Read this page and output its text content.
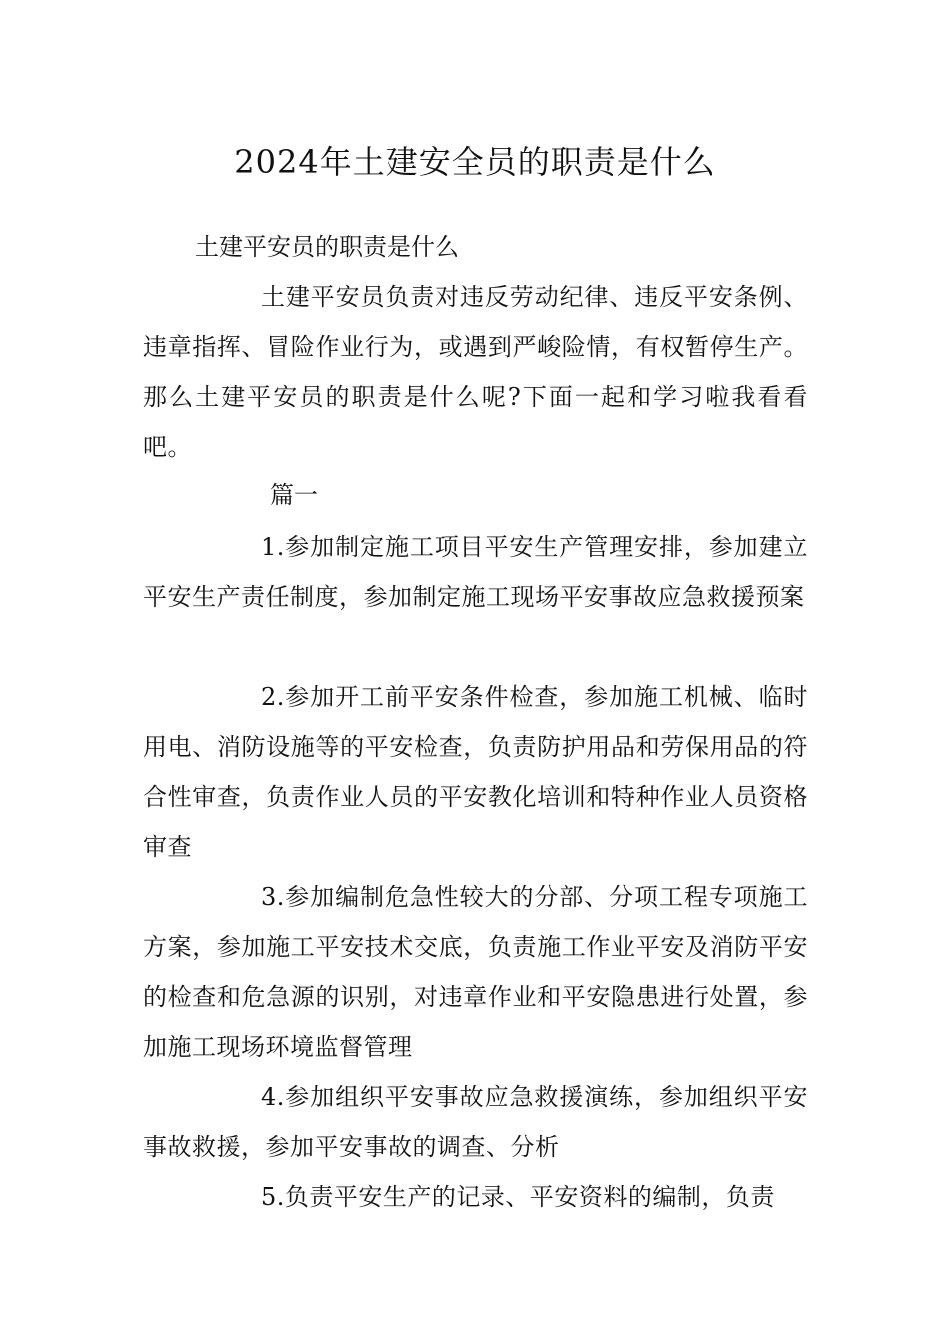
2024年土建安全员的职责是什么

土建平安员的职责是什么

土建平安员负责对违反劳动纪律、违反平安条例、违章指挥、冒险作业行为，或遇到严峻险情，有权暂停生产。那么土建平安员的职责是什么呢?下面一起和学习啦我看看吧。

篇一

1.参加制定施工项目平安生产管理安排，参加建立平安生产责任制度，参加制定施工现场平安事故应急救援预案

2.参加开工前平安条件检查，参加施工机械、临时用电、消防设施等的平安检查，负责防护用品和劳保用品的符合性审查，负责作业人员的平安教化培训和特种作业人员资格审查

3.参加编制危急性较大的分部、分项工程专项施工方案，参加施工平安技术交底，负责施工作业平安及消防平安的检查和危急源的识别，对违章作业和平安隐患进行处置，参加施工现场环境监督管理

4.参加组织平安事故应急救援演练，参加组织平安事故救援，参加平安事故的调查、分析

5.负责平安生产的记录、平安资料的编制，负责
